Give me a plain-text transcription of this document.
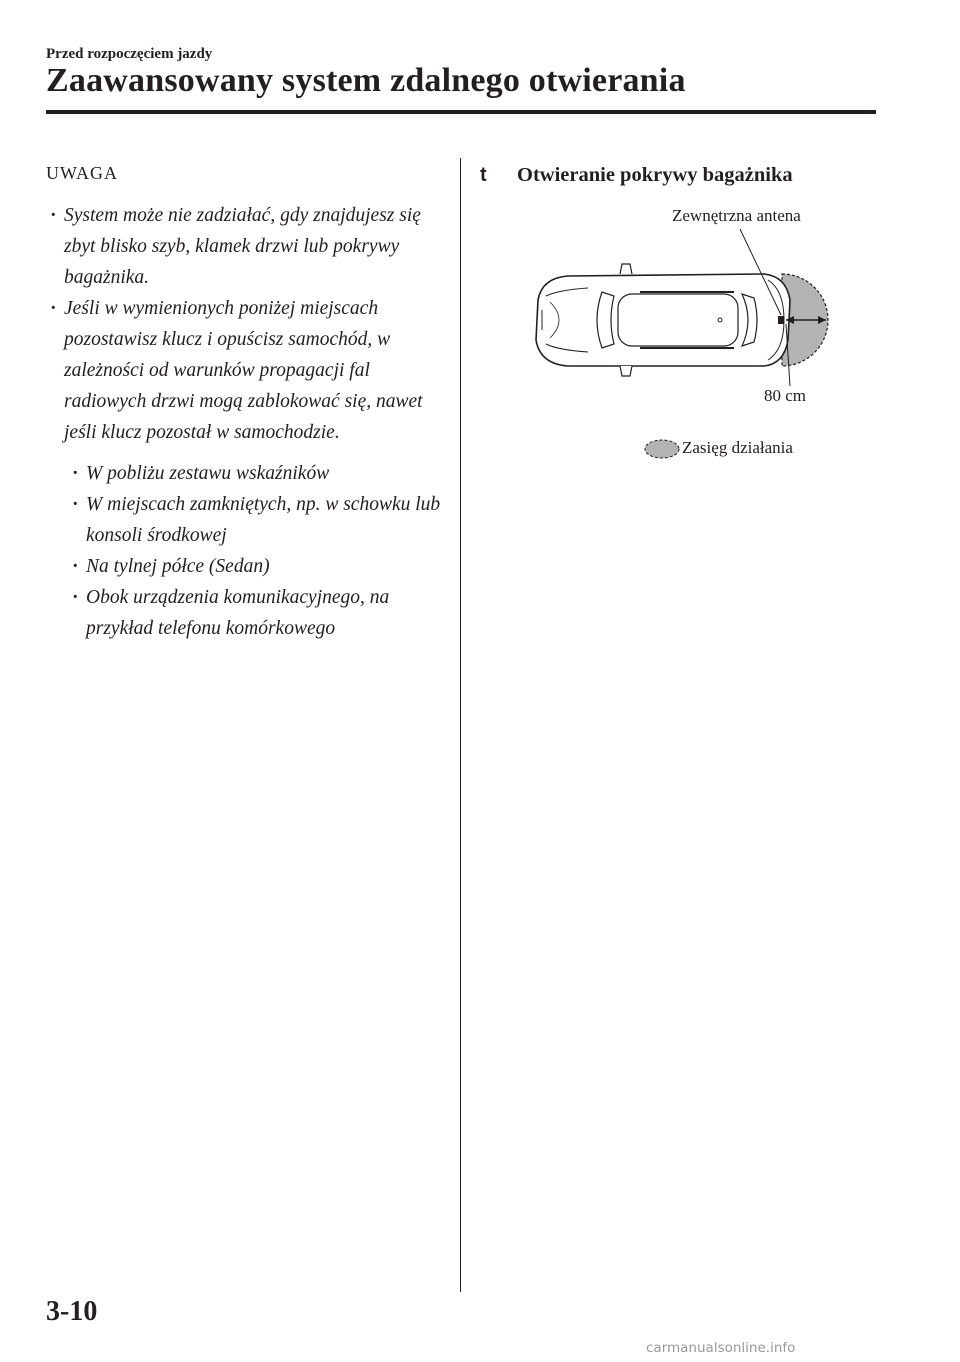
Przed rozpoczęciem jazdy
Zaawansowany system zdalnego otwierania
UWAGA
· System może nie zadziałać, gdy znajdujesz się zbyt blisko szyb, klamek drzwi lub pokrywy bagażnika.
· Jeśli w wymienionych poniżej miejscach pozostawisz klucz i opuścisz samochód, w zależności od warunków propagacji fal radiowych drzwi mogą zablokować się, nawet jeśli klucz pozostał w samochodzie.
· W pobliżu zestawu wskaźników
· W miejscach zamkniętych, np. w schowku lub konsoli środkowej
· Na tylnej półce (Sedan)
· Obok urządzenia komunikacyjnego, na przykład telefonu komórkowego
t Otwieranie pokrywy bagażnika
Zewnętrzna antena
80 cm
Zasięg działania
3-10
carmanualsonline.info
